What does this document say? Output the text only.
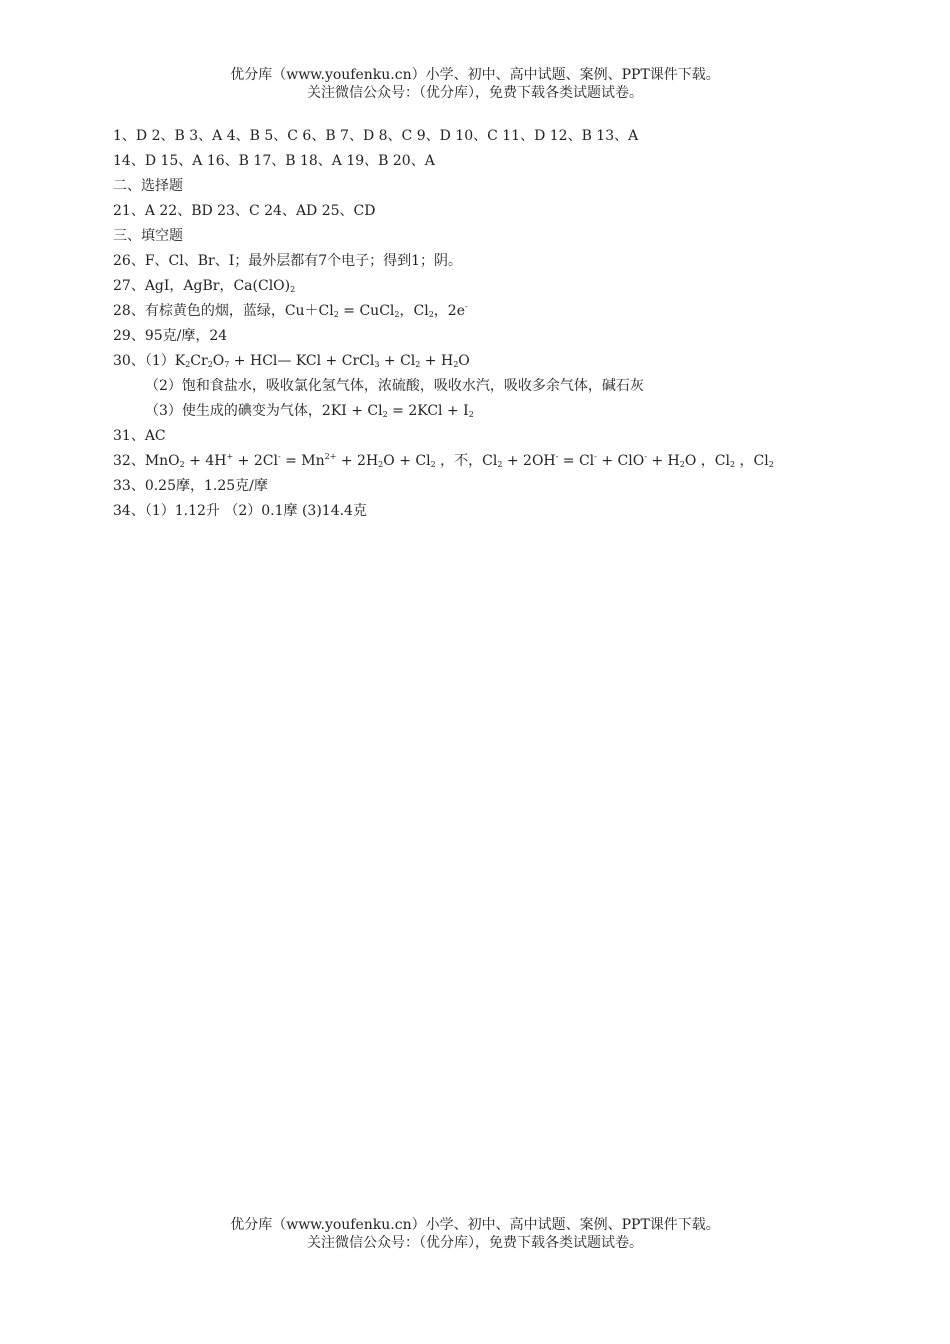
优分库（www.youfenku.cn）小学、初中、高中试题、案例、PPT课件下载。
关注微信公众号：（优分库），免费下载各类试题试卷。
1、D 2、B 3、A 4、B 5、C 6、B 7、D 8、C 9、D 10、C 11、D 12、B 13、A
14、D 15、A 16、B 17、B 18、A 19、B 20、A
二、选择题
21、A 22、BD 23、C 24、AD 25、CD
三、填空题
26、F、Cl、Br、I；最外层都有7个电子；得到1；阴。
27、AgI，AgBr，$Ca(ClO)_2$
28、有棕黄色的烟，蓝绿，$Cu+Cl_2$ = CuCl$_2$，$Cl_2$，2e-
29、95克/摩，24
30、$(1)K_2Cr_2O_7$ + HCl— KCl + CrCl$_3$ + $Cl_2 + H_2O$
（2）饱和食盐水，吸收氯化氢气体，浓硫酸，吸收水汽，吸收多余气体，碱石灰
（3）使生成的碘变为气体，$2KI + Cl_2 = 2KCl + I_2$
31、AC
32、$MnO_2 + 4H^+ + 2Cl^- = Mn^{2+} + 2H_2O + Cl_2$ ，不，$Cl_2 + 2OH^- = Cl^- + ClO^- + H_2O$ ，$Cl_2$ ，$Cl_2$
33、0.25摩，1.25克/摩
34、（1）1.12升 （2）0.1摩 (3)14.4克
优分库（www.youfenku.cn）小学、初中、高中试题、案例、PPT课件下载。
关注微信公众号：（优分库），免费下载各类试题试卷。
